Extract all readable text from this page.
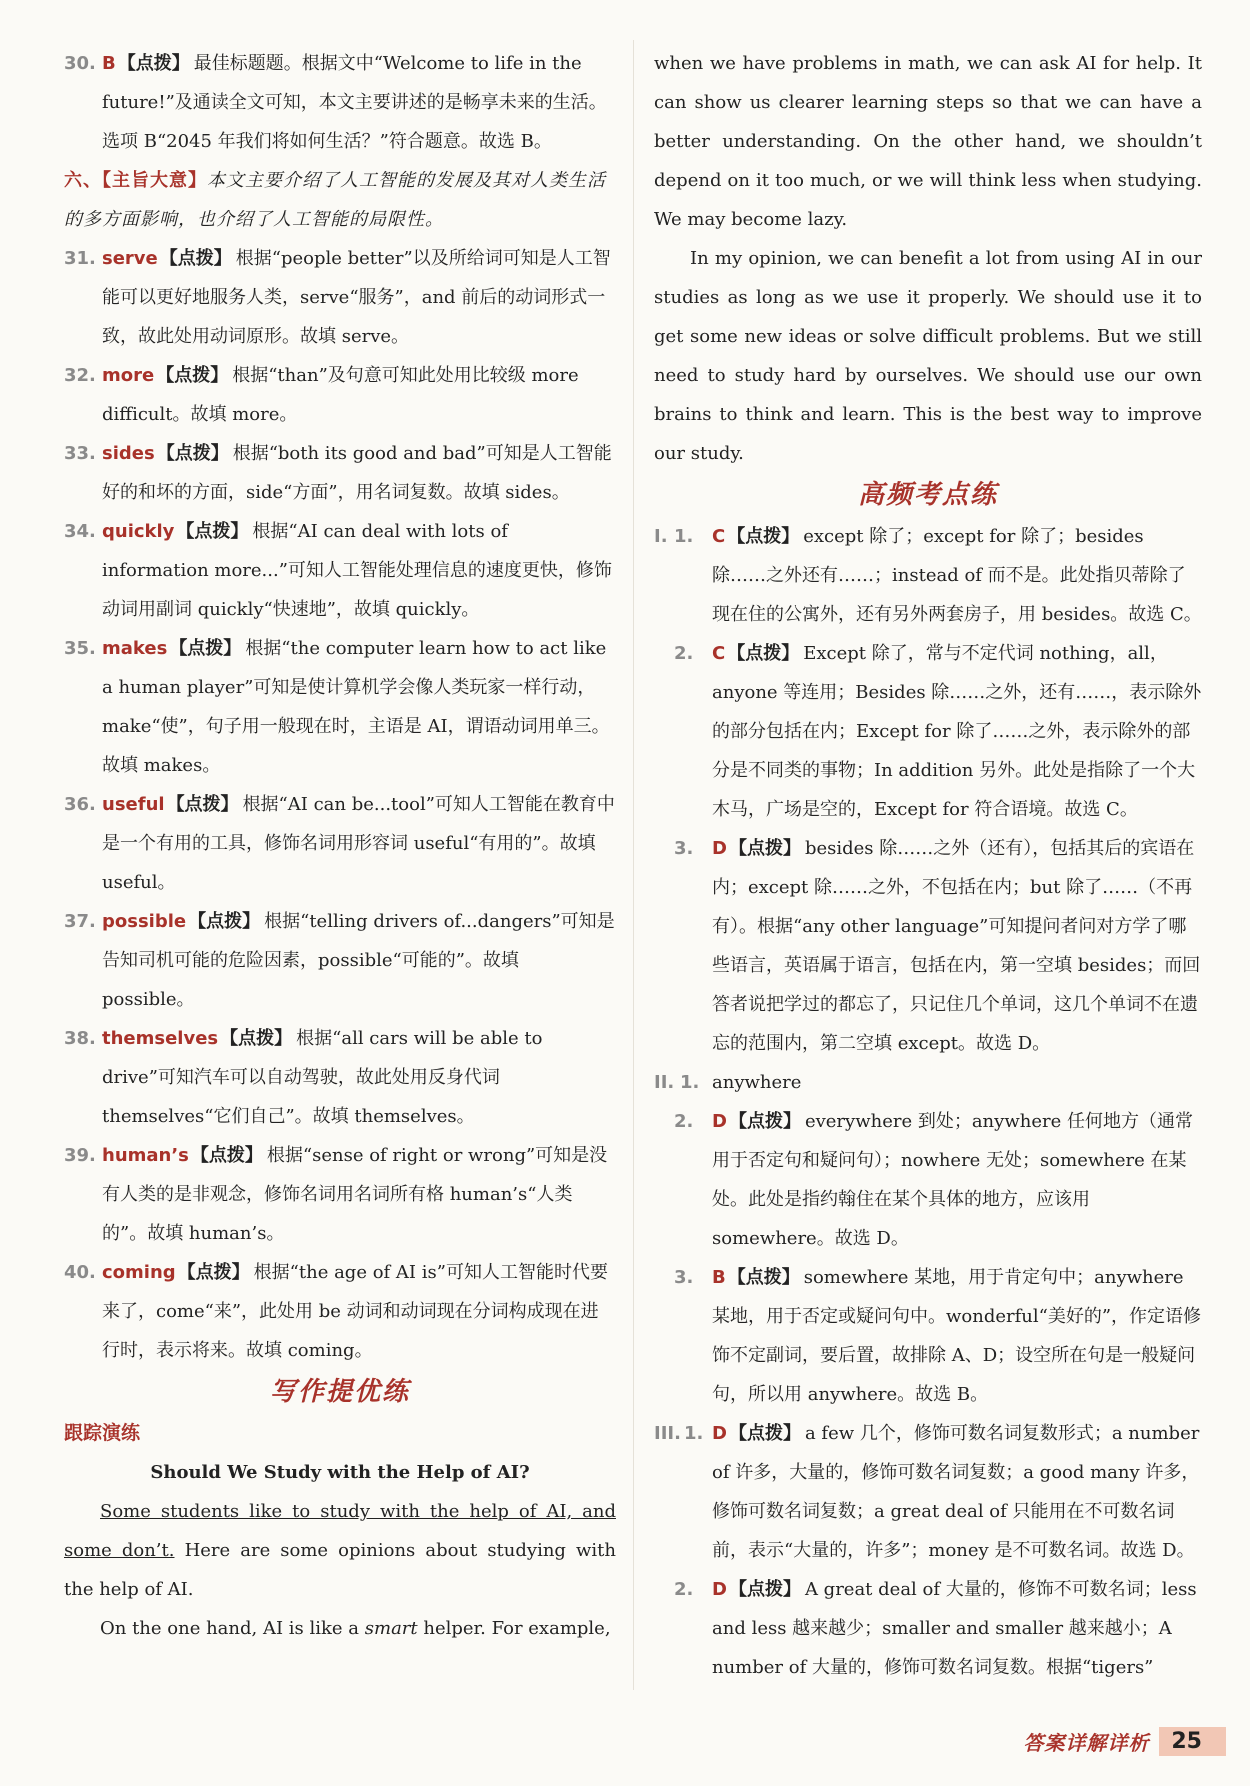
30. B 【点拨】 最佳标题题。根据文中“Welcome to life in the future!”及通读全文可知，本文主要讲述的是畅享未来的生活。选项 B“2045 年我们将如何生活？”符合题意。故选 B。
六、【主旨大意】本文主要介绍了人工智能的发展及其对人类生活的多方面影响，也介绍了人工智能的局限性。
31. serve 【点拨】 根据“people better”以及所给词可知是人工智能可以更好地服务人类，serve“服务”，and 前后的动词形式一致，故此处用动词原形。故填 serve。
32. more 【点拨】 根据“than”及句意可知此处用比较级 more difficult。故填 more。
33. sides 【点拨】 根据“both its good and bad”可知是人工智能好的和坏的方面，side“方面”，用名词复数。故填 sides。
34. quickly 【点拨】 根据“AI can deal with lots of information more...”可知人工智能处理信息的速度更快，修饰动词用副词 quickly“快速地”，故填 quickly。
35. makes 【点拨】 根据“the computer learn how to act like a human player”可知是使计算机学会像人类玩家一样行动，make“使”，句子用一般现在时，主语是 AI，谓语动词用单三。故填 makes。
36. useful 【点拨】 根据“AI can be...tool”可知人工智能在教育中是一个有用的工具，修饰名词用形容词 useful“有用的”。故填 useful。
37. possible 【点拨】 根据“telling drivers of...dangers”可知是告知司机可能的危险因素，possible“可能的”。故填 possible。
38. themselves 【点拨】 根据“all cars will be able to drive”可知汽车可以自动驾驶，故此处用反身代词 themselves“它们自己”。故填 themselves。
39. human’s 【点拨】 根据“sense of right or wrong”可知是没有人类的是非观念，修饰名词用名词所有格 human’s“人类的”。故填 human’s。
40. coming 【点拨】 根据“the age of AI is”可知人工智能时代要来了，come“来”，此处用 be 动词和动词现在分词构成现在进行时，表示将来。故填 coming。
写作提优练
跟踪演练
Should We Study with the Help of AI?
Some students like to study with the help of AI, and some don’t. Here are some opinions about studying with the help of AI.
On the one hand, AI is like a smart helper. For example,
when we have problems in math, we can ask AI for help. It can show us clearer learning steps so that we can have a better understanding. On the other hand, we shouldn’t depend on it too much, or we will think less when studying. We may become lazy.
In my opinion, we can benefit a lot from using AI in our studies as long as we use it properly. We should use it to get some new ideas or solve difficult problems. But we still need to study hard by ourselves. We should use our own brains to think and learn. This is the best way to improve our study.
高频考点练
I. 1. C 【点拨】 except 除了；except for 除了；besides 除……之外还有……；instead of 而不是。此处指贝蒂除了现在住的公寓外，还有另外两套房子，用 besides。故选 C。
2. C 【点拨】 Except 除了，常与不定代词 nothing，all，anyone 等连用；Besides 除……之外，还有……，表示除外的部分包括在内；Except for 除了……之外，表示除外的部分是不同类的事物；In addition 另外。此处是指除了一个大木马，广场是空的，Except for 符合语境。故选 C。
3. D 【点拨】 besides 除……之外（还有），包括其后的宾语在内；except 除……之外，不包括在内；but 除了……（不再有）。根据“any other language”可知提问者问对方学了哪些语言，英语属于语言，包括在内，第一空填 besides；而回答者说把学过的都忘了，只记住几个单词，这几个单词不在遗忘的范围内，第二空填 except。故选 D。
II. 1. anywhere
2. D 【点拨】 everywhere 到处；anywhere 任何地方（通常用于否定句和疑问句）；nowhere 无处；somewhere 在某处。此处是指约翰住在某个具体的地方，应该用 somewhere。故选 D。
3. B 【点拨】 somewhere 某地，用于肯定句中；anywhere 某地，用于否定或疑问句中。wonderful“美好的”，作定语修饰不定副词，要后置，故排除 A、D；设空所在句是一般疑问句，所以用 anywhere。故选 B。
III. 1. D 【点拨】 a few 几个，修饰可数名词复数形式；a number of 许多，大量的，修饰可数名词复数；a good many 许多，修饰可数名词复数；a great deal of 只能用在不可数名词前，表示“大量的，许多”；money 是不可数名词。故选 D。
2. D 【点拨】 A great deal of 大量的，修饰不可数名词；less and less 越来越少；smaller and smaller 越来越小；A number of 大量的，修饰可数名词复数。根据“tigers”
答案详解详析	25
